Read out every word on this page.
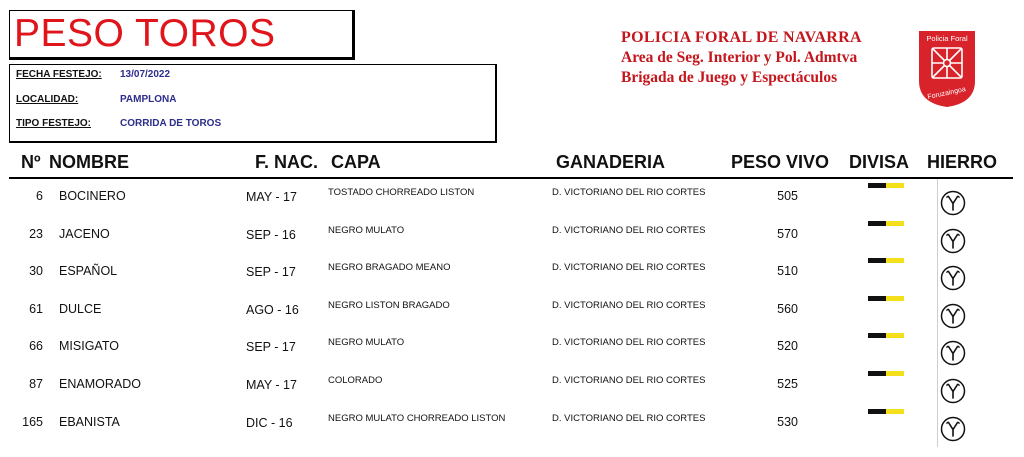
PESO TOROS
FECHA FESTEJO: 13/07/2022
LOCALIDAD:	PAMPLONA
TIPO FESTEJO:	CORRIDA DE TOROS
POLICIA FORAL DE NAVARRA
Area de Seg. Interior y Pol. Admtva
Brigada de Juego y Espectáculos
Policia Foral
Foruzaingoa
Nº NOMBRE	F. NAC. CAPA	GANADERIA	PESO VIVO DIVISA HIERRO
6 BOCINERO	MAY - 17	TOSTADO CHORREADO LISTON	D. VICTORIANO DEL RIO CORTES	505
23 JACENO	SEP - 16	NEGRO MULATO	D. VICTORIANO DEL RIO CORTES	570
30 ESPAÑOL	SEP - 17	NEGRO BRAGADO MEANO	D. VICTORIANO DEL RIO CORTES	510
61 DULCE	AGO - 16	NEGRO LISTON BRAGADO	D. VICTORIANO DEL RIO CORTES	560
66 MISIGATO	SEP - 17	NEGRO MULATO	D. VICTORIANO DEL RIO CORTES	520
87 ENAMORADO	MAY - 17	COLORADO	D. VICTORIANO DEL RIO CORTES	525
165 EBANISTA	DIC - 16	NEGRO MULATO CHORREADO LISTON	D. VICTORIANO DEL RIO CORTES	530
